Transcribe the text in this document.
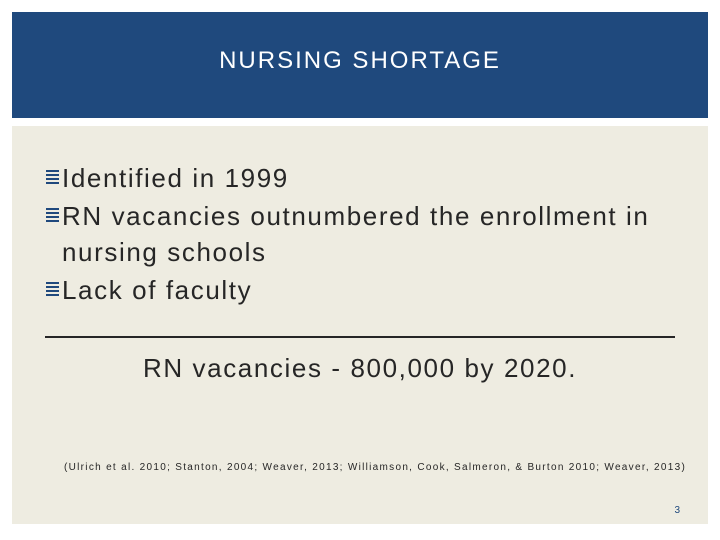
NURSING SHORTAGE
Identified in 1999
RN vacancies outnumbered the enrollment in nursing schools
Lack of faculty
RN vacancies - 800,000 by 2020.
(Ulrich et al. 2010; Stanton, 2004; Weaver, 2013; Williamson, Cook, Salmeron, & Burton 2010; Weaver, 2013)
3
